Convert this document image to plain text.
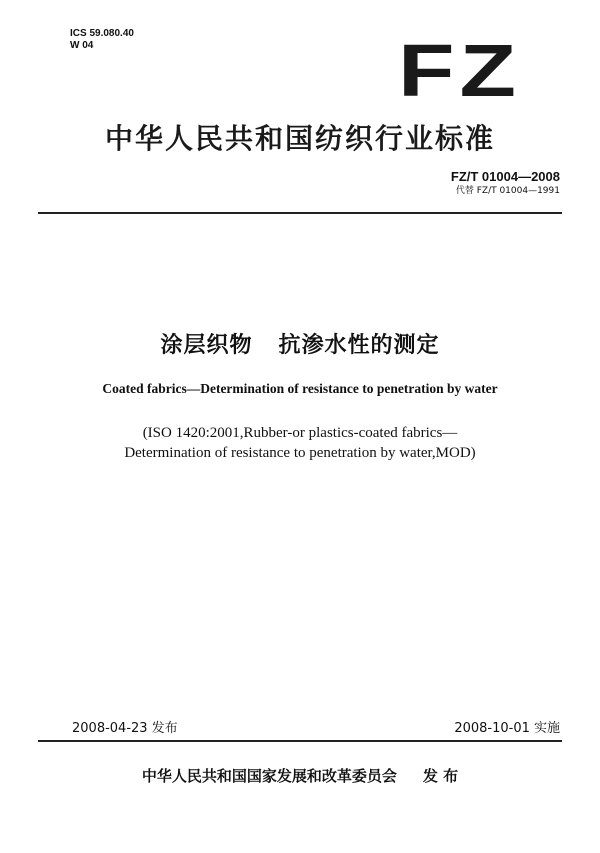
ICS 59.080.40
W 04	FZ
中华人民共和国纺织行业标准
FZ/T 01004—2008
代替 FZ/T 01004—1991
涂层织物   抗渗水性的测定
Coated fabrics—Determination of resistance to penetration by water
(ISO 1420:2001,Rubber-or plastics-coated fabrics—
Determination of resistance to penetration by water,MOD)
2008-04-23 发布	2008-10-01 实施
中华人民共和国国家发展和改革委员会 发 布
